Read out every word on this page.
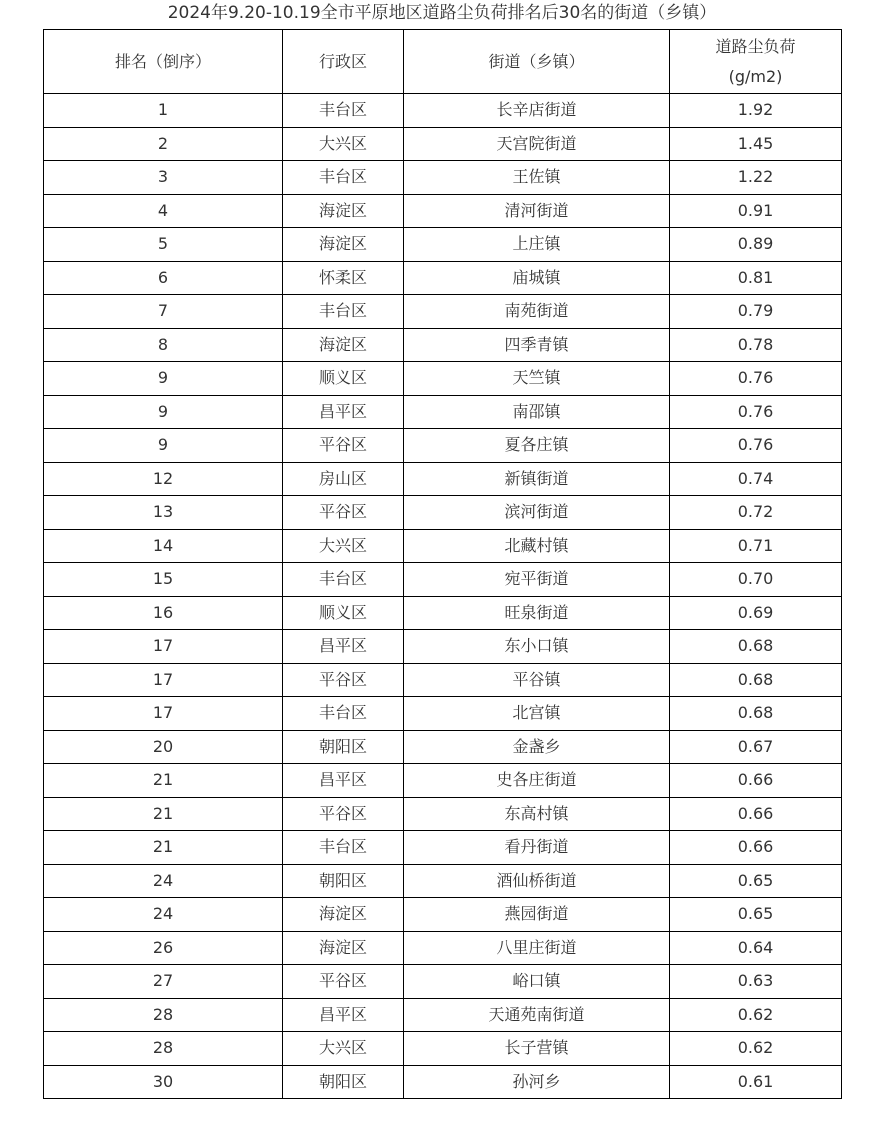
2024年9.20-10.19全市平原地区道路尘负荷排名后30名的街道（乡镇）
排名（倒序）	行政区	街道（乡镇）	道路尘负荷
(g/m2)

1	丰台区	长辛店街道	1.92
2	大兴区	天宫院街道	1.45
3	丰台区	王佐镇	1.22
4	海淀区	清河街道	0.91
5	海淀区	上庄镇	0.89
6	怀柔区	庙城镇	0.81
7	丰台区	南苑街道	0.79
8	海淀区	四季青镇	0.78
9	顺义区	天竺镇	0.76
9	昌平区	南邵镇	0.76
9	平谷区	夏各庄镇	0.76
12	房山区	新镇街道	0.74
13	平谷区	滨河街道	0.72
14	大兴区	北藏村镇	0.71
15	丰台区	宛平街道	0.70
16	顺义区	旺泉街道	0.69
17	昌平区	东小口镇	0.68
17	平谷区	平谷镇	0.68
17	丰台区	北宫镇	0.68
20	朝阳区	金盏乡	0.67
21	昌平区	史各庄街道	0.66
21	平谷区	东高村镇	0.66
21	丰台区	看丹街道	0.66
24	朝阳区	酒仙桥街道	0.65
24	海淀区	燕园街道	0.65
26	海淀区	八里庄街道	0.64
27	平谷区	峪口镇	0.63
28	昌平区	天通苑南街道	0.62
28	大兴区	长子营镇	0.62
30	朝阳区	孙河乡	0.61
